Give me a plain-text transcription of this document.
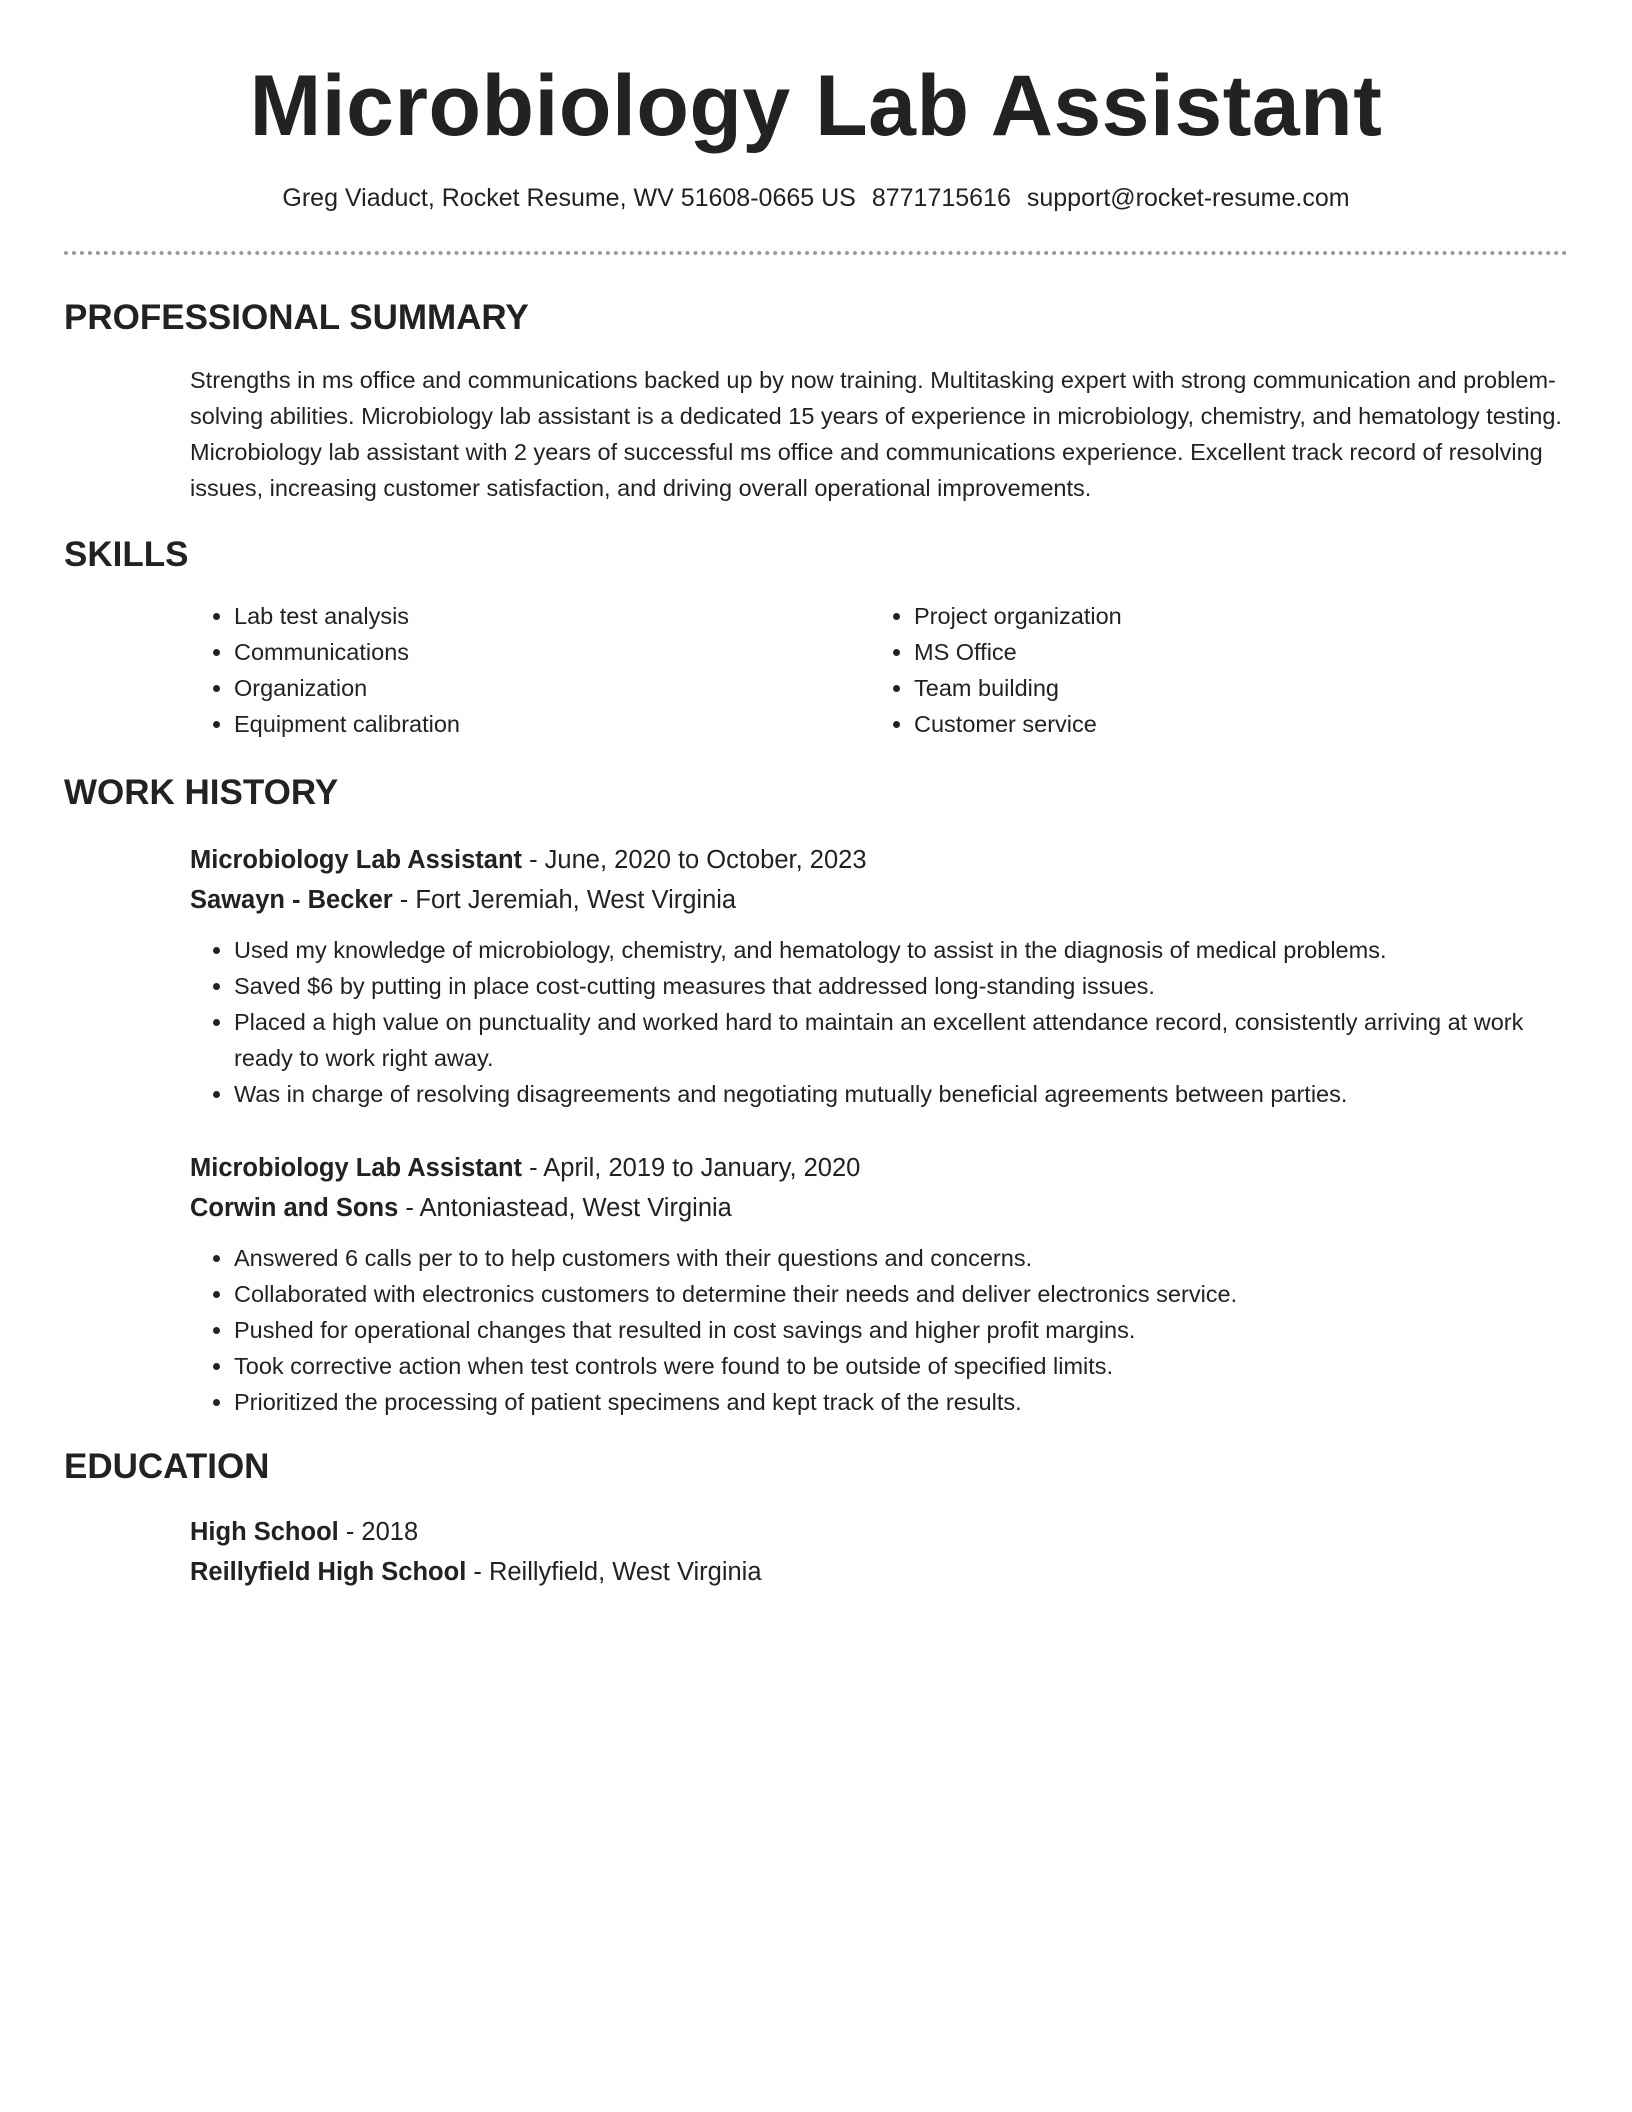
Microbiology Lab Assistant
Greg Viaduct, Rocket Resume, WV 51608-0665 US 8771715616 support@rocket-resume.com
PROFESSIONAL SUMMARY

Strengths in ms office and communications backed up by now training. Multitasking expert with strong communication and problem-solving abilities. Microbiology lab assistant is a dedicated 15 years of experience in microbiology, chemistry, and hematology testing. Microbiology lab assistant with 2 years of successful ms office and communications experience. Excellent track record of resolving issues, increasing customer satisfaction, and driving overall operational improvements.

SKILLS
• Lab test analysis
• Communications
• Organization
• Equipment calibration
• Project organization
• MS Office
• Team building
• Customer service
WORK HISTORY

Microbiology Lab Assistant - June, 2020 to October, 2023

Sawayn - Becker - Fort Jeremiah, West Virginia

• Used my knowledge of microbiology, chemistry, and hematology to assist in the diagnosis of medical problems.
• Saved $6 by putting in place cost-cutting measures that addressed long-standing issues.
• Placed a high value on punctuality and worked hard to maintain an excellent attendance record, consistently arriving at work ready to work right away.
• Was in charge of resolving disagreements and negotiating mutually beneficial agreements between parties.

Microbiology Lab Assistant - April, 2019 to January, 2020

Corwin and Sons - Antoniastead, West Virginia

• Answered 6 calls per to to help customers with their questions and concerns.
• Collaborated with electronics customers to determine their needs and deliver electronics service.
• Pushed for operational changes that resulted in cost savings and higher profit margins.
• Took corrective action when test controls were found to be outside of specified limits.
• Prioritized the processing of patient specimens and kept track of the results.
EDUCATION

High School - 2018

Reillyfield High School - Reillyfield, West Virginia
